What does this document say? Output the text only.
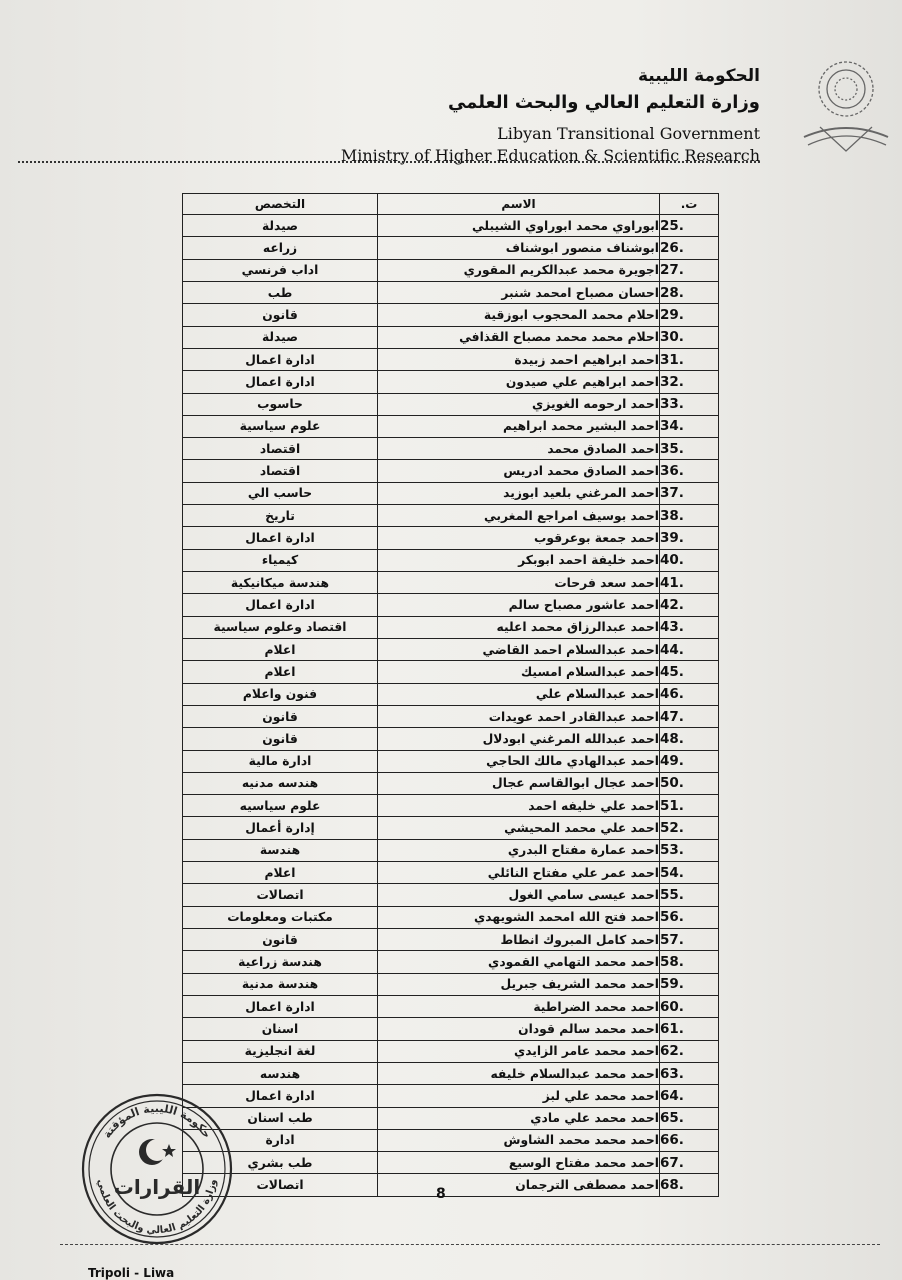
الحكومة الليبية
وزارة التعليم العالي والبحث العلمي
Libyan Transitional Government
Ministry of Higher Education & Scientific Research
ت.	الاسم	التخصص
25.	ابوراوي محمد ابوراوي الشيبلي	صيدلة
26.	ابوشناف منصور ابوشناف	زراعه
27.	اجويرة محمد عبدالكريم المقوري	اداب فرنسي
28.	احسان مصباح امحمد شنبر	طب
29.	احلام محمد المحجوب ابوزقية	قانون
30.	احلام محمد محمد مصباح القذافي	صيدلة
31.	احمد ابراهيم احمد زبيدة	ادارة اعمال
32.	احمد ابراهيم علي صيدون	ادارة اعمال
33.	احمد ارحومه الغويزي	حاسوب
34.	احمد البشير محمد ابراهيم	علوم سياسية
35.	احمد الصادق محمد	اقتصاد
36.	احمد الصادق محمد ادريس	اقتصاد
37.	احمد المرغني بلعيد ابوزيد	حاسب الي
38.	احمد بوسيف امراجع المغربي	تاريخ
39.	احمد جمعة بوعرقوب	ادارة اعمال
40.	احمد خليفة احمد ابوبكر	كيمياء
41.	احمد سعد فرحات	هندسة ميكانيكية
42.	احمد عاشور مصباح سالم	ادارة اعمال
43.	احمد عبدالرزاق محمد اعليه	اقتصاد وعلوم سياسية
44.	احمد عبدالسلام احمد القاضي	اعلام
45.	احمد عبدالسلام امسيك	اعلام
46.	احمد عبدالسلام علي	فنون واعلام
47.	احمد عبدالقادر احمد عويدات	قانون
48.	احمد عبدالله المرغني ابودلال	قانون
49.	احمد عبدالهادي مالك الحاجي	ادارة مالية
50.	احمد عجال ابوالقاسم عجال	هندسه مدنيه
51.	احمد علي خليفه احمد	علوم سياسيه
52.	احمد علي محمد المحيشي	إدارة أعمال
53.	احمد عمارة مفتاح البدري	هندسة
54.	احمد عمر علي مفتاح النائلي	اعلام
55.	احمد عيسى سامي الغول	اتصالات
56.	احمد فتح الله امحمد الشويهدي	مكتبات ومعلومات
57.	احمد كامل المبروك انطاط	قانون
58.	احمد محمد التهامي القمودي	هندسة زراعية
59.	احمد محمد الشريف جبريل	هندسة مدنية
60.	احمد محمد الضراطية	ادارة اعمال
61.	احمد محمد سالم قودان	اسنان
62.	احمد محمد عامر الزايدي	لغة انجليزية
63.	احمد محمد عبدالسلام خليفه	هندسه
64.	احمد محمد علي لبز	ادارة اعمال
65.	احمد محمد علي مادي	طب اسنان
66.	احمد محمد محمد الشاوش	ادارة
67.	احمد محمد مفتاح الوسيع	طب بشري
68.	احمد مصطفى الترجمان	اتصالات
حكومة الليبية المؤقتة
وزارة التعليم العالي والبحث العلمي
القرارات	8
Tripoli - Liwa
